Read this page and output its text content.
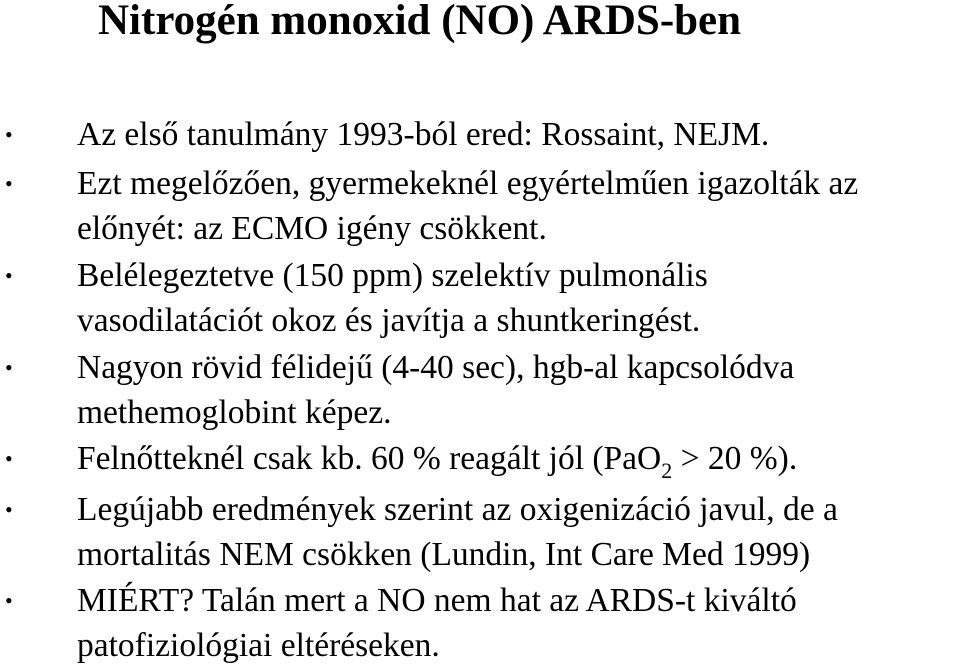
Nitrogén monoxid (NO) ARDS-ben
• Az első tanulmány 1993-ból ered: Rossaint, NEJM.
• Ezt megelőzően, gyermekeknél egyértelműen igazolták az
előnyét: az ECMO igény csökkent.
• Belélegeztetve (150 ppm) szelektív pulmonális
vasodilatációt okoz és javítja a shuntkeringést.
• Nagyon rövid félidejű (4-40 sec), hgb-al kapcsolódva
methemoglobint képez.
• Felnőtteknél csak kb. 60 % reagált jól (PaO$_2$ > 20 %).
• Legújabb eredmények szerint az oxigenizáció javul, de a
mortalitás NEM csökken (Lundin, Int Care Med 1999)
• MIÉRT? Talán mert a NO nem hat az ARDS-t kiváltó
patofiziológiai eltéréseken.
